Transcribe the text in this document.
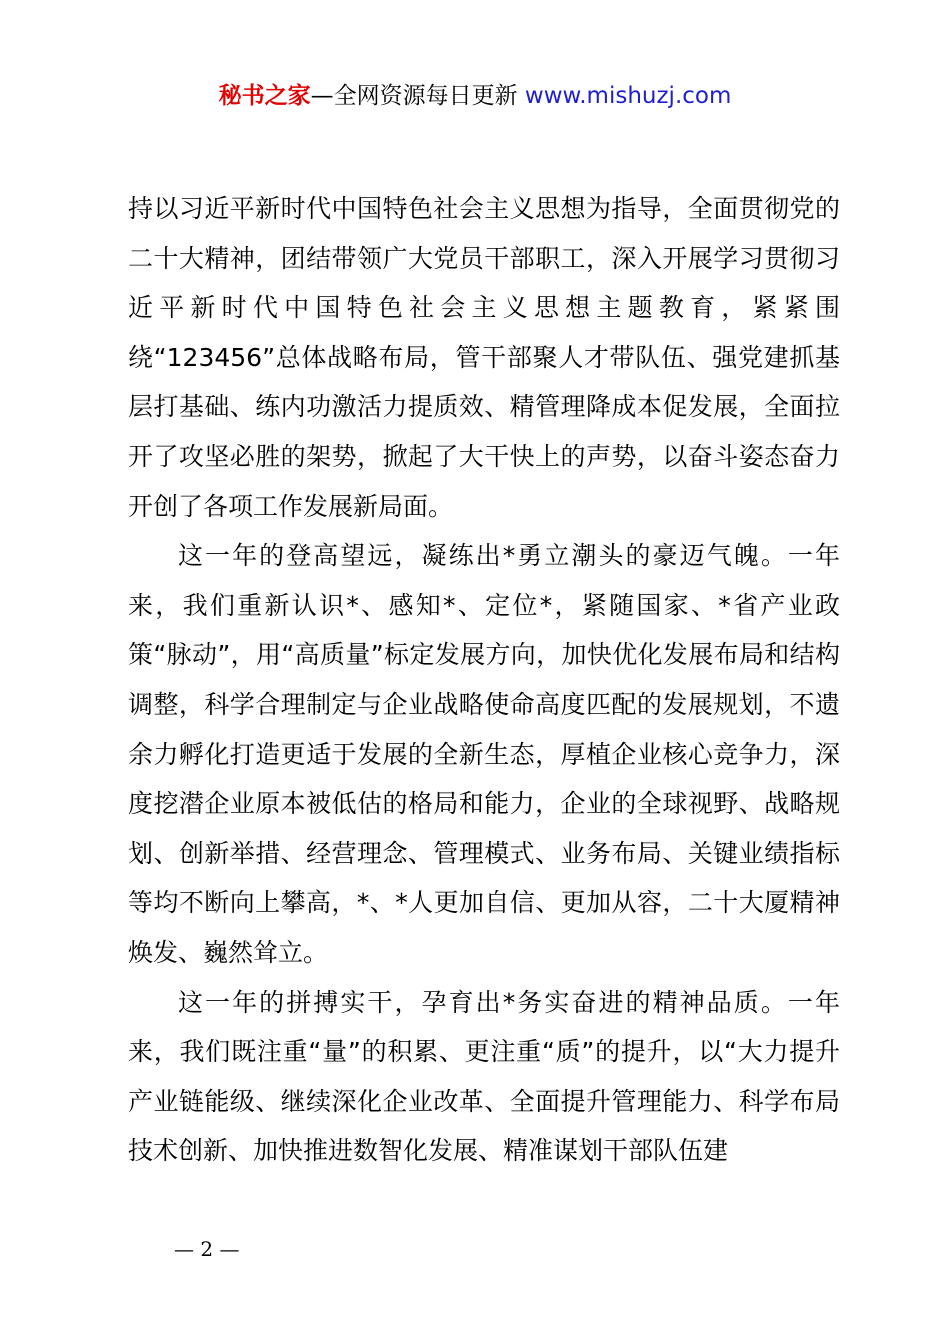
秘书之家—全网资源每日更新 www.mishuzj.com

持以习近平新时代中国特色社会主义思想为指导，全面贯彻党的二十大精神，团结带领广大党员干部职工，深入开展学习贯彻习近平新时代中国特色社会主义思想主题教育，紧紧围绕“123456”总体战略布局，管干部聚人才带队伍、强党建抓基层打基础、练内功激活力提质效、精管理降成本促发展，全面拉开了攻坚必胜的架势，掀起了大干快上的声势，以奋斗姿态奋力开创了各项工作发展新局面。

这一年的登高望远，凝练出*勇立潮头的豪迈气魄。一年来，我们重新认识*、感知*、定位*，紧随国家、*省产业政策“脉动”，用“高质量”标定发展方向，加快优化发展布局和结构调整，科学合理制定与企业战略使命高度匹配的发展规划，不遗余力孵化打造更适于发展的全新生态，厚植企业核心竞争力，深度挖潜企业原本被低估的格局和能力，企业的全球视野、战略规划、创新举措、经营理念、管理模式、业务布局、关键业绩指标等均不断向上攀高，*、*人更加自信、更加从容，二十大厦精神焕发、巍然耸立。

这一年的拼搏实干，孕育出*务实奋进的精神品质。一年来，我们既注重“量”的积累、更注重“质”的提升，以“大力提升产业链能级、继续深化企业改革、全面提升管理能力、科学布局技术创新、加快推进数智化发展、精准谋划干部队伍建

— 2 —
